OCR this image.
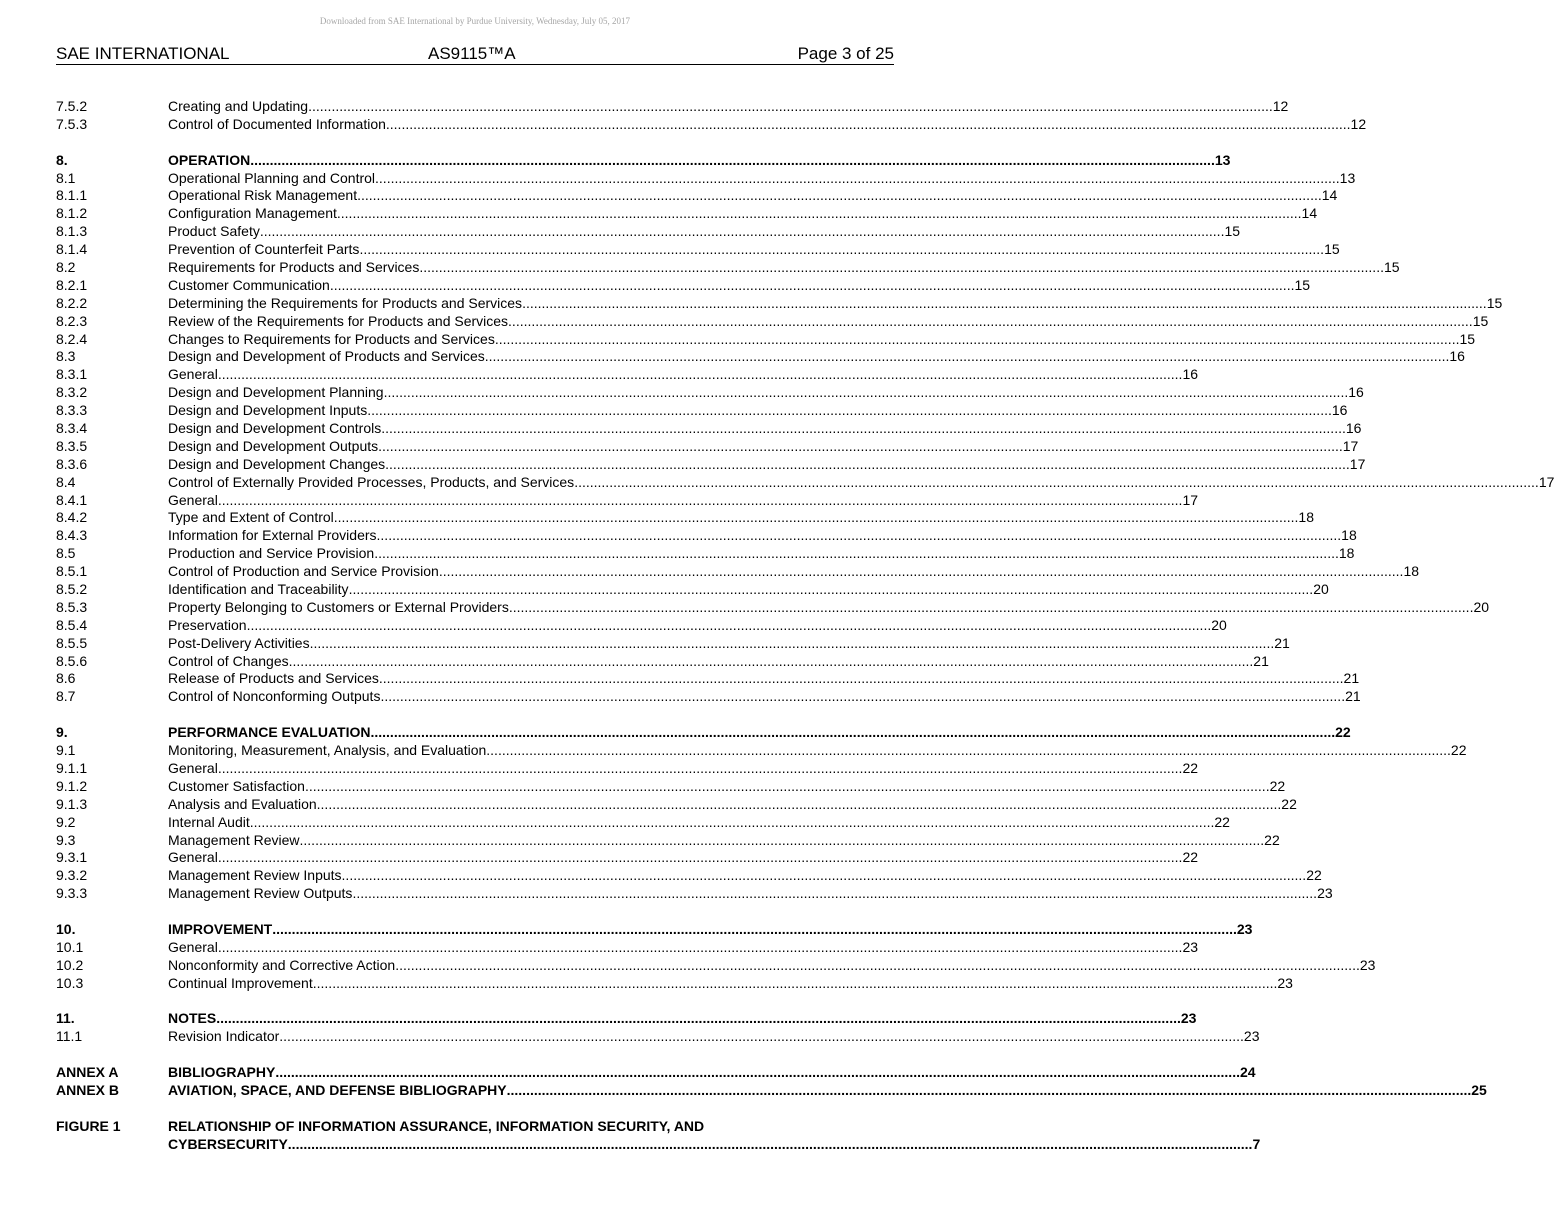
Downloaded from SAE International by Purdue University, Wednesday, July 05, 2017
SAE INTERNATIONAL	AS9115™A	Page 3 of 25
7.5.2	Creating and Updating .....	12
7.5.3	Control of Documented Information .....	12
8.	OPERATION .....	13
8.1	Operational Planning and Control .....	13
8.1.1	Operational Risk Management .....	14
8.1.2	Configuration Management .....	14
8.1.3	Product Safety .....	15
8.1.4	Prevention of Counterfeit Parts .....	15
8.2	Requirements for Products and Services .....	15
8.2.1	Customer Communication .....	15
8.2.2	Determining the Requirements for Products and Services .....	15
8.2.3	Review of the Requirements for Products and Services .....	15
8.2.4	Changes to Requirements for Products and Services .....	15
8.3	Design and Development of Products and Services .....	16
8.3.1	General .....	16
8.3.2	Design and Development Planning .....	16
8.3.3	Design and Development Inputs .....	16
8.3.4	Design and Development Controls .....	16
8.3.5	Design and Development Outputs .....	17
8.3.6	Design and Development Changes .....	17
8.4	Control of Externally Provided Processes, Products, and Services .....	17
8.4.1	General .....	17
8.4.2	Type and Extent of Control .....	18
8.4.3	Information for External Providers .....	18
8.5	Production and Service Provision .....	18
8.5.1	Control of Production and Service Provision .....	18
8.5.2	Identification and Traceability .....	20
8.5.3	Property Belonging to Customers or External Providers .....	20
8.5.4	Preservation .....	20
8.5.5	Post-Delivery Activities .....	21
8.5.6	Control of Changes .....	21
8.6	Release of Products and Services .....	21
8.7	Control of Nonconforming Outputs .....	21
9.	PERFORMANCE EVALUATION .....	22
9.1	Monitoring, Measurement, Analysis, and Evaluation .....	22
9.1.1	General .....	22
9.1.2	Customer Satisfaction .....	22
9.1.3	Analysis and Evaluation .....	22
9.2	Internal Audit .....	22
9.3	Management Review .....	22
9.3.1	General .....	22
9.3.2	Management Review Inputs .....	22
9.3.3	Management Review Outputs .....	23
10.	IMPROVEMENT .....	23
10.1	General .....	23
10.2	Nonconformity and Corrective Action .....	23
10.3	Continual Improvement .....	23
11.	NOTES .....	23
11.1	Revision Indicator .....	23
ANNEX A	BIBLIOGRAPHY .....	24
ANNEX B	AVIATION, SPACE, AND DEFENSE BIBLIOGRAPHY .....	25
FIGURE 1	RELATIONSHIP OF INFORMATION ASSURANCE, INFORMATION SECURITY, AND
CYBERSECURITY .....	7
